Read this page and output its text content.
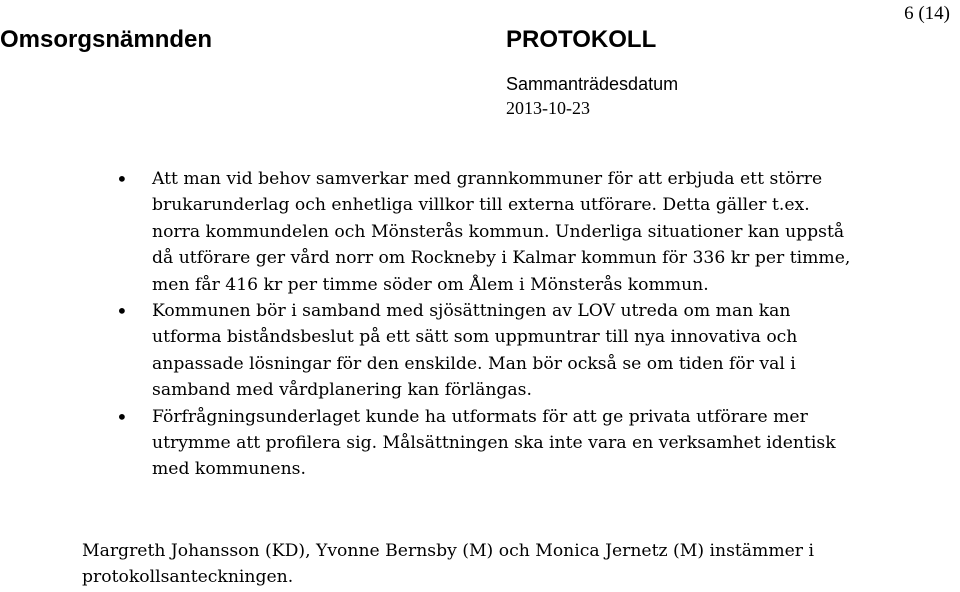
Omsorgsnämnden	PROTOKOLL
6 (14)
Sammanträdesdatum
2013-10-23
• Att man vid behov samverkar med grannkommuner för att erbjuda ett större brukarunderlag och enhetliga villkor till externa utförare. Detta gäller t.ex. norra kommundelen och Mönsterås kommun. Underliga situationer kan uppstå då utförare ger vård norr om Rockneby i Kalmar kommun för 336 kr per timme, men får 416 kr per timme söder om Ålem i Mönsterås kommun.
• Kommunen bör i samband med sjösättningen av LOV utreda om man kan utforma biståndsbeslut på ett sätt som uppmuntrar till nya innovativa och anpassade lösningar för den enskilde. Man bör också se om tiden för val i samband med vårdplanering kan förlängas.
• Förfrågningsunderlaget kunde ha utformats för att ge privata utförare mer utrymme att profilera sig. Målsättningen ska inte vara en verksamhet identisk med kommunens.

Margreth Johansson (KD), Yvonne Bernsby (M) och Monica Jernetz (M) instämmer i protokollsanteckningen.
